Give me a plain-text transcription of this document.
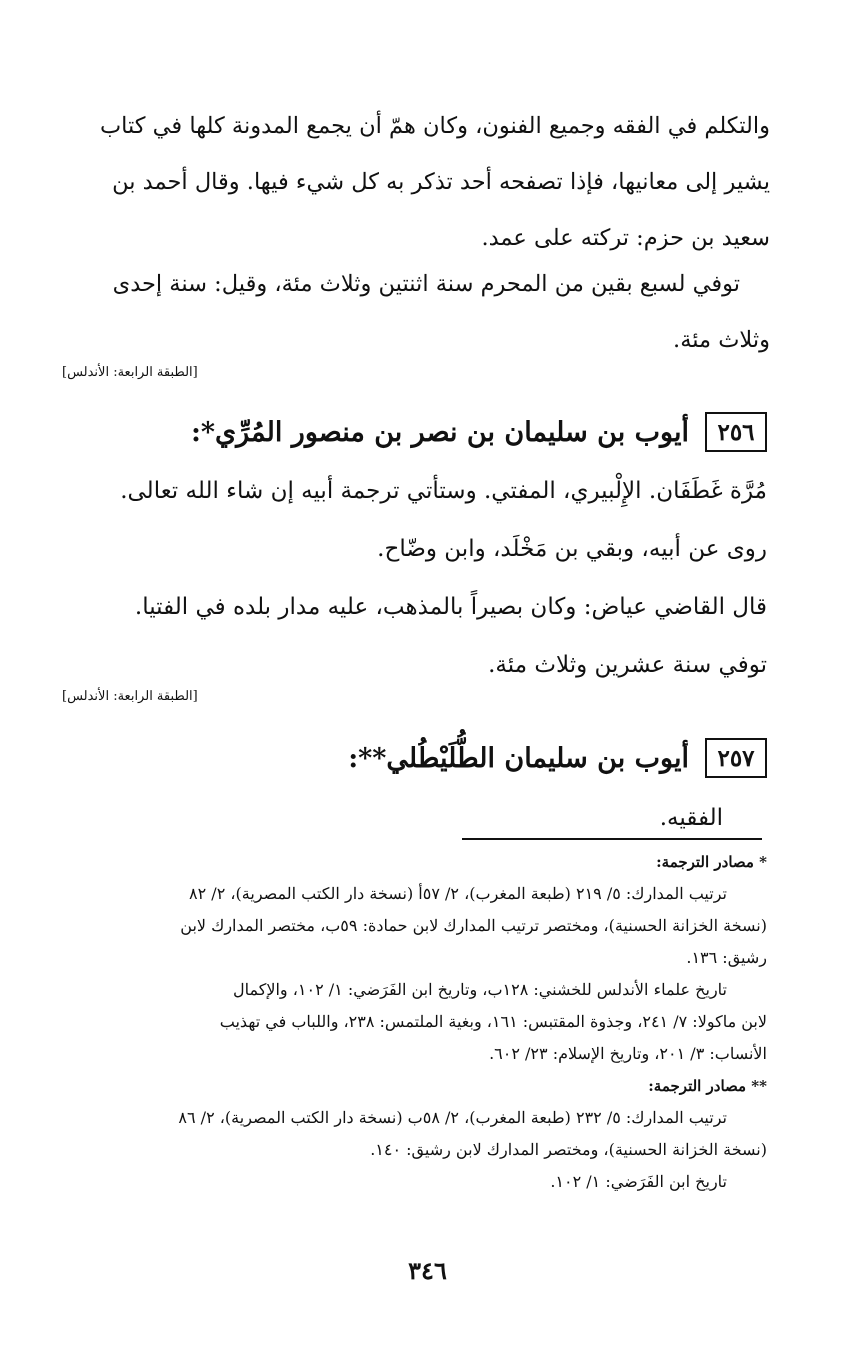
والتكلم في الفقه وجميع الفنون، وكان همّ أن يجمع المدونة كلها في كتاب
يشير إلى معانيها، فإذا تصفحه أحد تذكر به كل شيء فيها. وقال أحمد بن
سعيد بن حزم: تركته على عمد.
توفي لسبع بقين من المحرم سنة اثنتين وثلاث مئة، وقيل: سنة إحدى
وثلاث مئة.
[الطبقة الرابعة: الأندلس]
٢٥٦
أيوب بن سليمان بن نصر بن منصور المُرِّي*:
مُرَّة غَطَفَان. الإِلْبيري، المفتي. وستأتي ترجمة أبيه إن شاء الله تعالى.
روى عن أبيه، وبقي بن مَخْلَد، وابن وضّاح.
قال القاضي عياض: وكان بصيراً بالمذهب، عليه مدار بلده في الفتيا.
توفي سنة عشرين وثلاث مئة.
[الطبقة الرابعة: الأندلس]
٢٥٧
أيوب بن سليمان الطُّلَيْطُلي**:
الفقيه.
* مصادر الترجمة:
ترتيب المدارك: ٥/ ٢١٩ (طبعة المغرب)، ٢/ ٥٧أ (نسخة دار الكتب المصرية)، ٢/ ٨٢
(نسخة الخزانة الحسنية)، ومختصر ترتيب المدارك لابن حمادة: ٥٩ب، مختصر المدارك لابن
رشيق: ١٣٦.
تاريخ علماء الأندلس للخشني: ١٢٨ب، وتاريخ ابن الفَرَضي: ١/ ١٠٢، والإكمال
لابن ماكولا: ٧/ ٢٤١، وجذوة المقتبس: ١٦١، وبغية الملتمس: ٢٣٨، واللباب في تهذيب
الأنساب: ٣/ ٢٠١، وتاريخ الإسلام: ٢٣/ ٦٠٢.
** مصادر الترجمة:
ترتيب المدارك: ٥/ ٢٣٢ (طبعة المغرب)، ٢/ ٥٨ب (نسخة دار الكتب المصرية)، ٢/ ٨٦
(نسخة الخزانة الحسنية)، ومختصر المدارك لابن رشيق: ١٤٠.
تاريخ ابن الفَرَضي: ١/ ١٠٢.
٣٤٦
